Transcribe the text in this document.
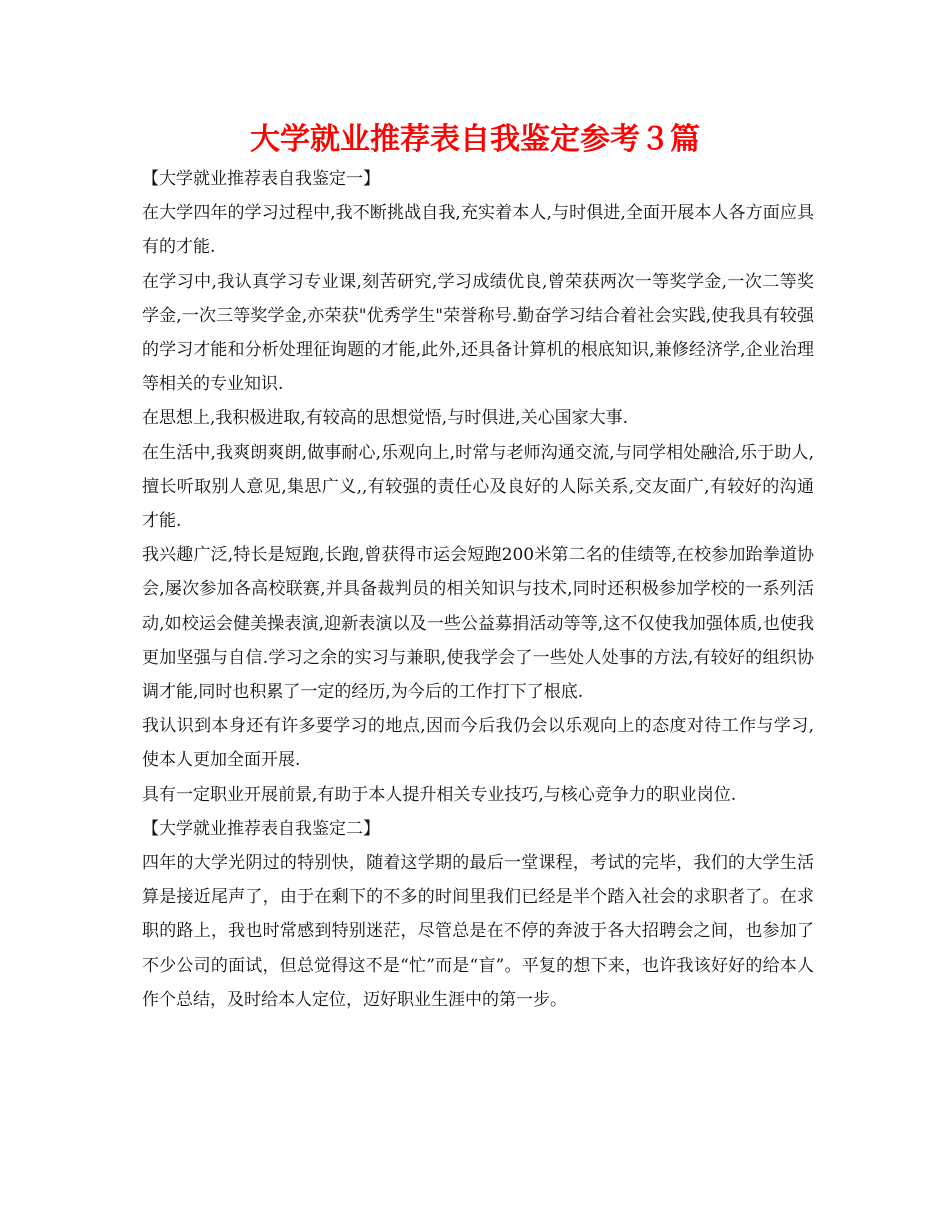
大学就业推荐表自我鉴定参考３篇

【大学就业推荐表自我鉴定一】

在大学四年的学习过程中,我不断挑战自我,充实着本人,与时俱进,全面开展本人各方面应具有的才能.

在学习中,我认真学习专业课,刻苦研究,学习成绩优良,曾荣获两次一等奖学金,一次二等奖学金,一次三等奖学金,亦荣获"优秀学生"荣誉称号.勤奋学习结合着社会实践,使我具有较强的学习才能和分析处理征询题的才能,此外,还具备计算机的根底知识,兼修经济学,企业治理等相关的专业知识.

在思想上,我积极进取,有较高的思想觉悟,与时俱进,关心国家大事.

在生活中,我爽朗爽朗,做事耐心,乐观向上,时常与老师沟通交流,与同学相处融洽,乐于助人,擅长听取别人意见,集思广义,,有较强的责任心及良好的人际关系,交友面广,有较好的沟通才能.

我兴趣广泛,特长是短跑,长跑,曾获得市运会短跑200米第二名的佳绩等,在校参加跆拳道协会,屡次参加各高校联赛,并具备裁判员的相关知识与技术,同时还积极参加学校的一系列活动,如校运会健美操表演,迎新表演以及一些公益募捐活动等等,这不仅使我加强体质,也使我更加坚强与自信.学习之余的实习与兼职,使我学会了一些处人处事的方法,有较好的组织协调才能,同时也积累了一定的经历,为今后的工作打下了根底.

我认识到本身还有许多要学习的地点,因而今后我仍会以乐观向上的态度对待工作与学习,使本人更加全面开展.

具有一定职业开展前景,有助于本人提升相关专业技巧,与核心竞争力的职业岗位.

【大学就业推荐表自我鉴定二】

四年的大学光阴过的特别快，随着这学期的最后一堂课程，考试的完毕，我们的大学生活算是接近尾声了，由于在剩下的不多的时间里我们已经是半个踏入社会的求职者了。在求职的路上，我也时常感到特别迷茫，尽管总是在不停的奔波于各大招聘会之间，也参加了不少公司的面试，但总觉得这不是“忙”而是“盲”。平复的想下来，也许我该好好的给本人作个总结，及时给本人定位，迈好职业生涯中的第一步。
